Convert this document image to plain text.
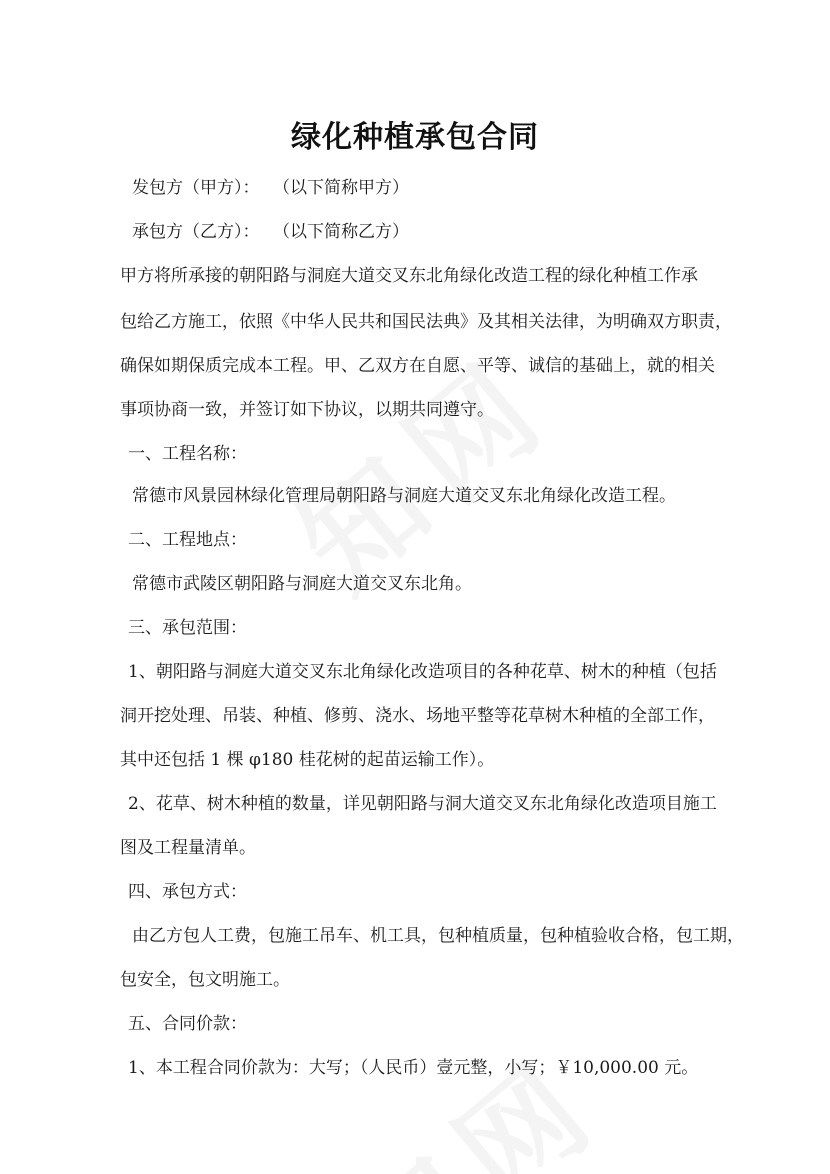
绿化种植承包合同
发包方（甲方）： （以下简称甲方）
承包方（乙方）： （以下简称乙方）
甲方将所承接的朝阳路与洞庭大道交叉东北角绿化改造工程的绿化种植工作承
包给乙方施工，依照《中华人民共和国民法典》及其相关法律，为明确双方职责，
确保如期保质完成本工程。甲、乙双方在自愿、平等、诚信的基础上，就的相关
事项协商一致，并签订如下协议，以期共同遵守。
一、工程名称：
常德市风景园林绿化管理局朝阳路与洞庭大道交叉东北角绿化改造工程。
二、工程地点：
常德市武陵区朝阳路与洞庭大道交叉东北角。
三、承包范围：
1、朝阳路与洞庭大道交叉东北角绿化改造项目的各种花草、树木的种植（包括
洞开挖处理、吊装、种植、修剪、浇水、场地平整等花草树木种植的全部工作，
其中还包括 1 棵 φ180 桂花树的起苗运输工作）。
2、花草、树木种植的数量，详见朝阳路与洞大道交叉东北角绿化改造项目施工
图及工程量清单。
四、承包方式：
由乙方包人工费，包施工吊车、机工具，包种植质量，包种植验收合格，包工期，
包安全，包文明施工。
五、合同价款：
1、本工程合同价款为：大写；（人民币）壹元整，小写；￥10,000.00 元。
